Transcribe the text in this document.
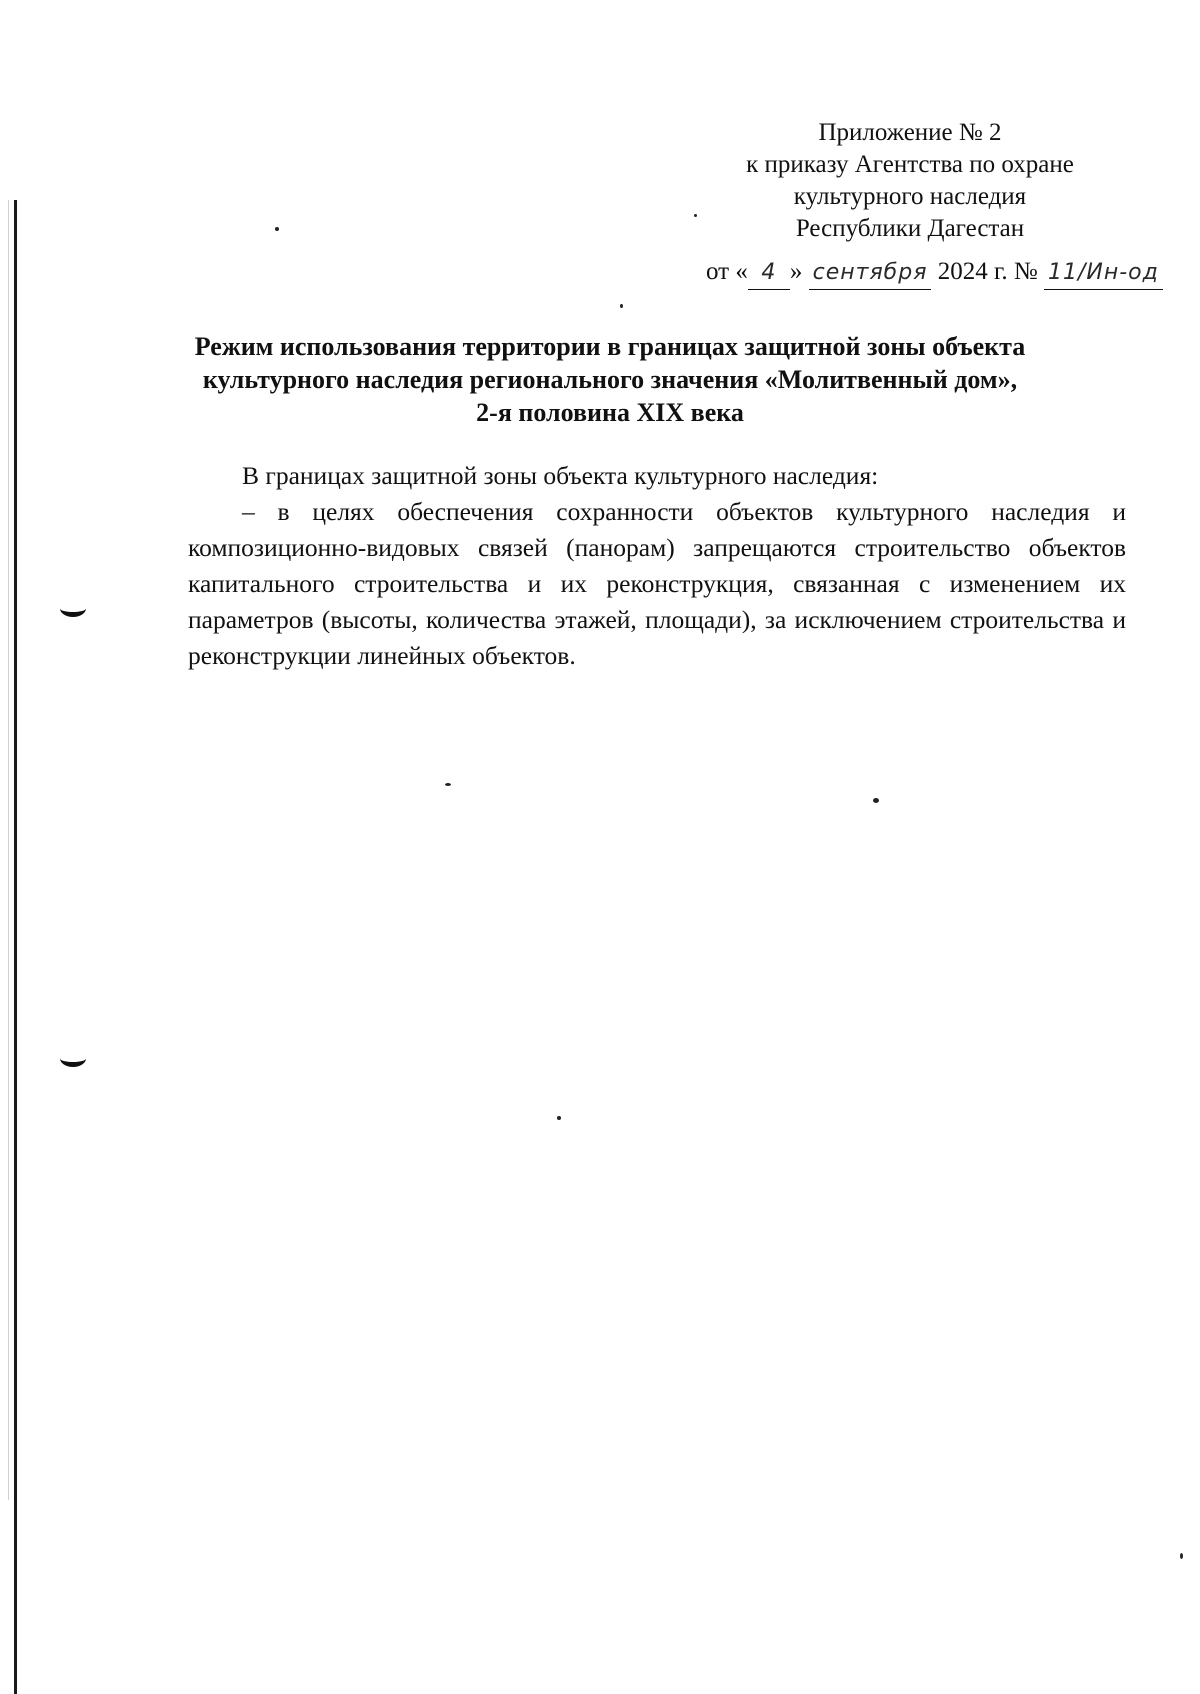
Приложение № 2
к приказу Агентства по охране
культурного наследия
Республики Дагестан
от « 4 » сентября 2024 г. № 11/Ин-од
Режим использования территории в границах защитной зоны объекта
культурного наследия регионального значения «Молитвенный дом»,
2-я половина XIX века

В границах защитной зоны объекта культурного наследия:

– в целях обеспечения сохранности объектов культурного наследия и композиционно-видовых связей (панорам) запрещаются строительство объектов капитального строительства и их реконструкция, связанная с изменением их параметров (высоты, количества этажей, площади), за исключением строительства и реконструкции линейных объектов.
